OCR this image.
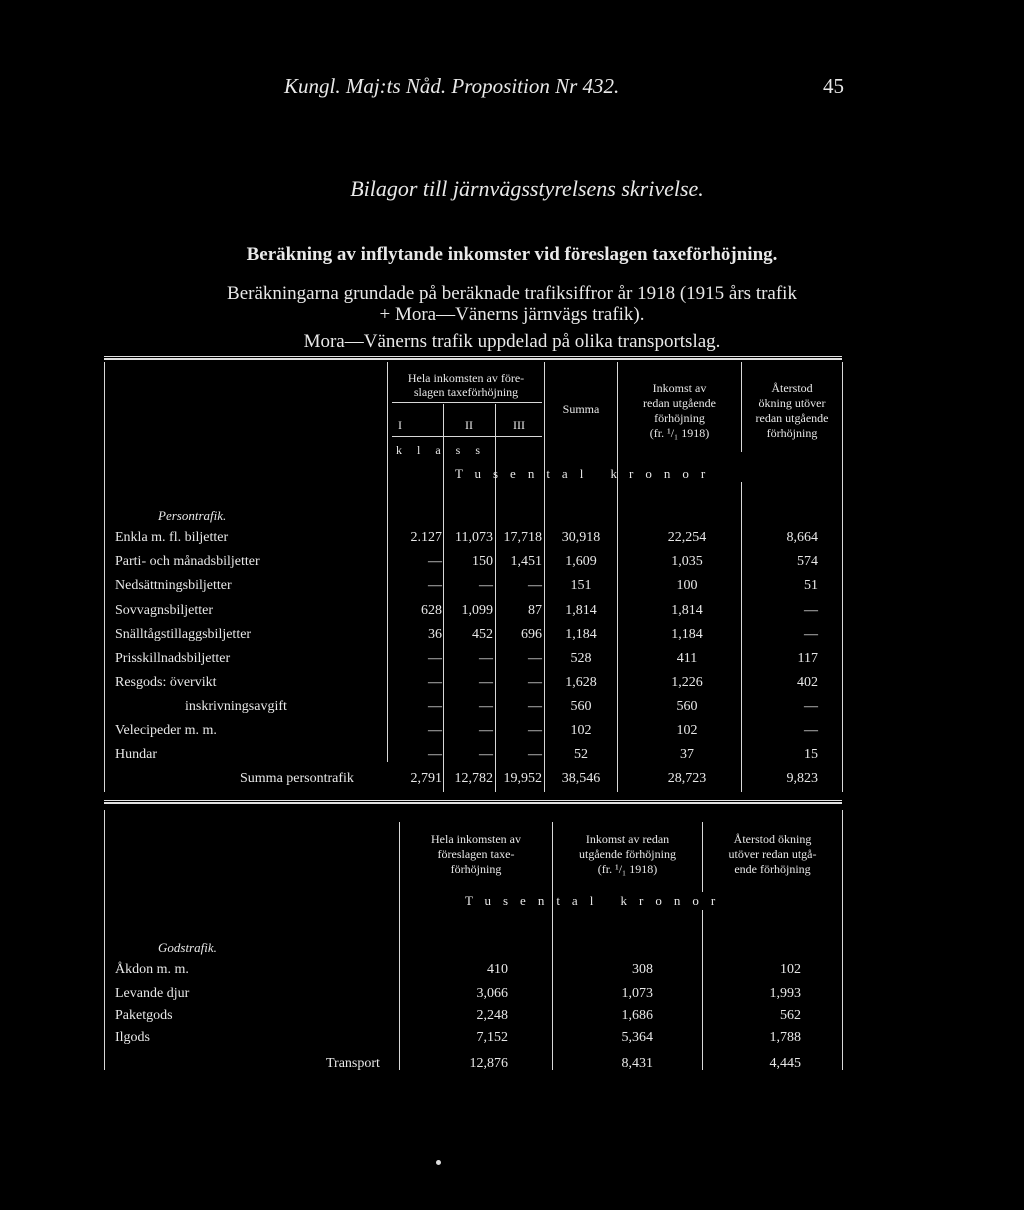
Kungl. Maj:ts Nåd. Proposition Nr 432.	45
Bilagor till järnvägsstyrelsens skrivelse.
Beräkning av inflytande inkomster vid föreslagen taxeförhöjning.
Beräkningarna grundade på beräknade trafiksiffror år 1918 (1915 års trafik
+ Mora—Vänerns järnvägs trafik).
Mora—Vänerns trafik uppdelad på olika transportslag.
Hela inkomsten av före-
slagen taxeförhöjning
I	II	III
k l a s s
Summa
Inkomst av
redan utgående
förhöjning
(fr. ¹/₁ 1918)
Återstod
ökning utöver
redan utgående
förhöjning
Tusental kronor
Persontrafik.
Enkla m. fl. biljetter	2.127 11,073 17,718	30,918	22,254	8,664
Parti- och månadsbiljetter	—	150	1,451	1,609	1,035	574
Nedsättningsbiljetter	—	—	—	151	100	51
Sovvagnsbiljetter	628	1,099	87	1,814	1,814	—
Snälltågstillaggsbiljetter	36	452	696	1,184	1,184	—
Prisskillnadsbiljetter	—	—	—	528	411	117
Resgods: övervikt	—	—	—	1,628	1,226	402
inskrivningsavgift	—	—	—	560	560	—
Velecipeder m. m.	—	—	—	102	102	—
Hundar	—	—	—	52	37	15
Summa persontrafik	2,791 12,782 19,952	38,546	28,723	9,823
Hela inkomsten av
föreslagen taxe-
förhöjning
Inkomst av redan
utgående förhöjning
(fr. ¹/₁ 1918)
Återstod ökning
utöver redan utgå-
ende förhöjning
Tusental kronor
Godstrafik.
Åkdon m. m.	410	308	102
Levande djur	3,066	1,073	1,993
Paketgods	2,248	1,686	562
Ilgods	7,152	5,364	1,788
Transport	12,876	8,431	4,445
